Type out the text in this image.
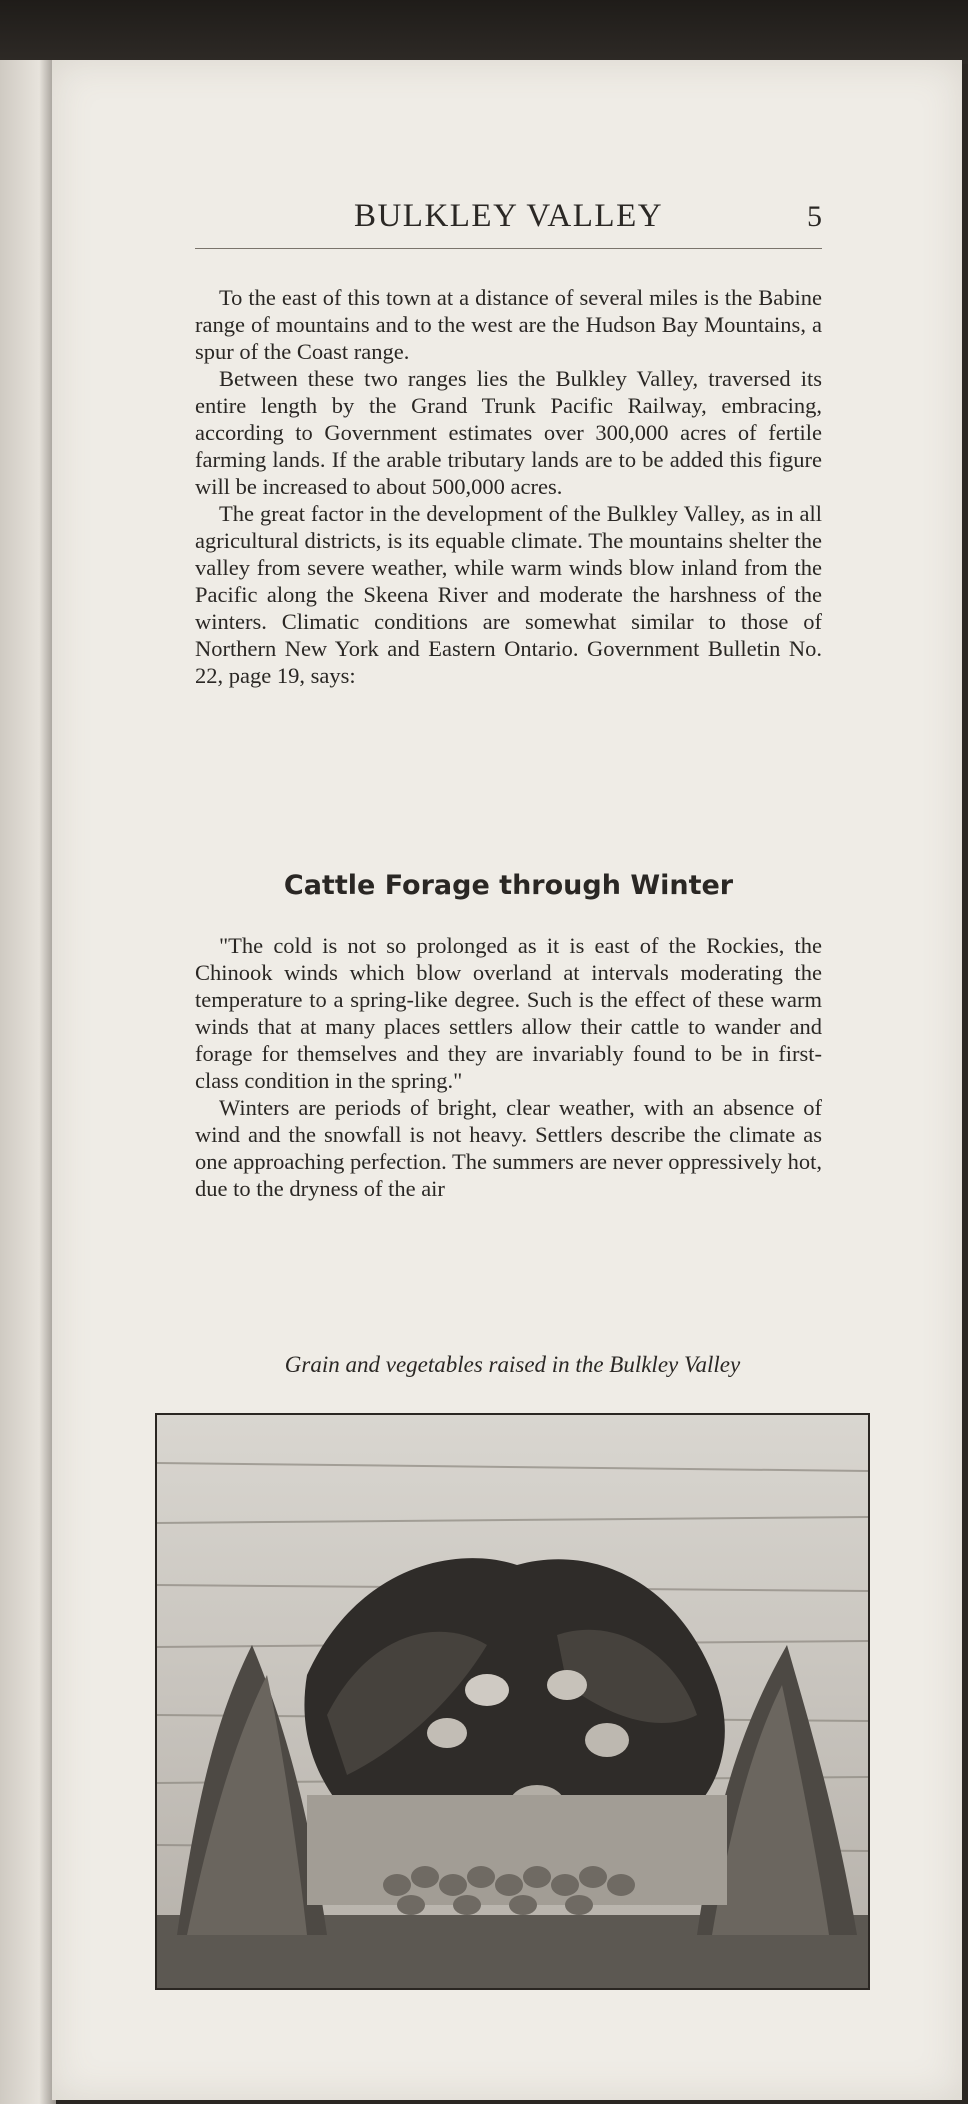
BULKLEY VALLEY	5

To the east of this town at a distance of several miles is the Babine range of mountains and to the west are the Hudson Bay Mountains, a spur of the Coast range.

Between these two ranges lies the Bulkley Valley, traversed its entire length by the Grand Trunk Pacific Railway, embracing, according to Government estimates over 300,000 acres of fertile farming lands. If the arable tributary lands are to be added this figure will be increased to about 500,000 acres.

The great factor in the development of the Bulkley Valley, as in all agricultural districts, is its equable climate. The mountains shelter the valley from severe weather, while warm winds blow inland from the Pacific along the Skeena River and moderate the harshness of the winters. Climatic conditions are somewhat similar to those of Northern New York and Eastern Ontario. Government Bulletin No. 22, page 19, says:

Cattle Forage through Winter

"The cold is not so prolonged as it is east of the Rockies, the Chinook winds which blow overland at intervals moderating the temperature to a spring-like degree. Such is the effect of these warm winds that at many places settlers allow their cattle to wander and forage for themselves and they are invariably found to be in first-class condition in the spring."

Winters are periods of bright, clear weather, with an absence of wind and the snowfall is not heavy. Settlers describe the climate as one approaching perfection. The summers are never oppressively hot, due to the dryness of the air

Grain and vegetables raised in the Bulkley Valley
